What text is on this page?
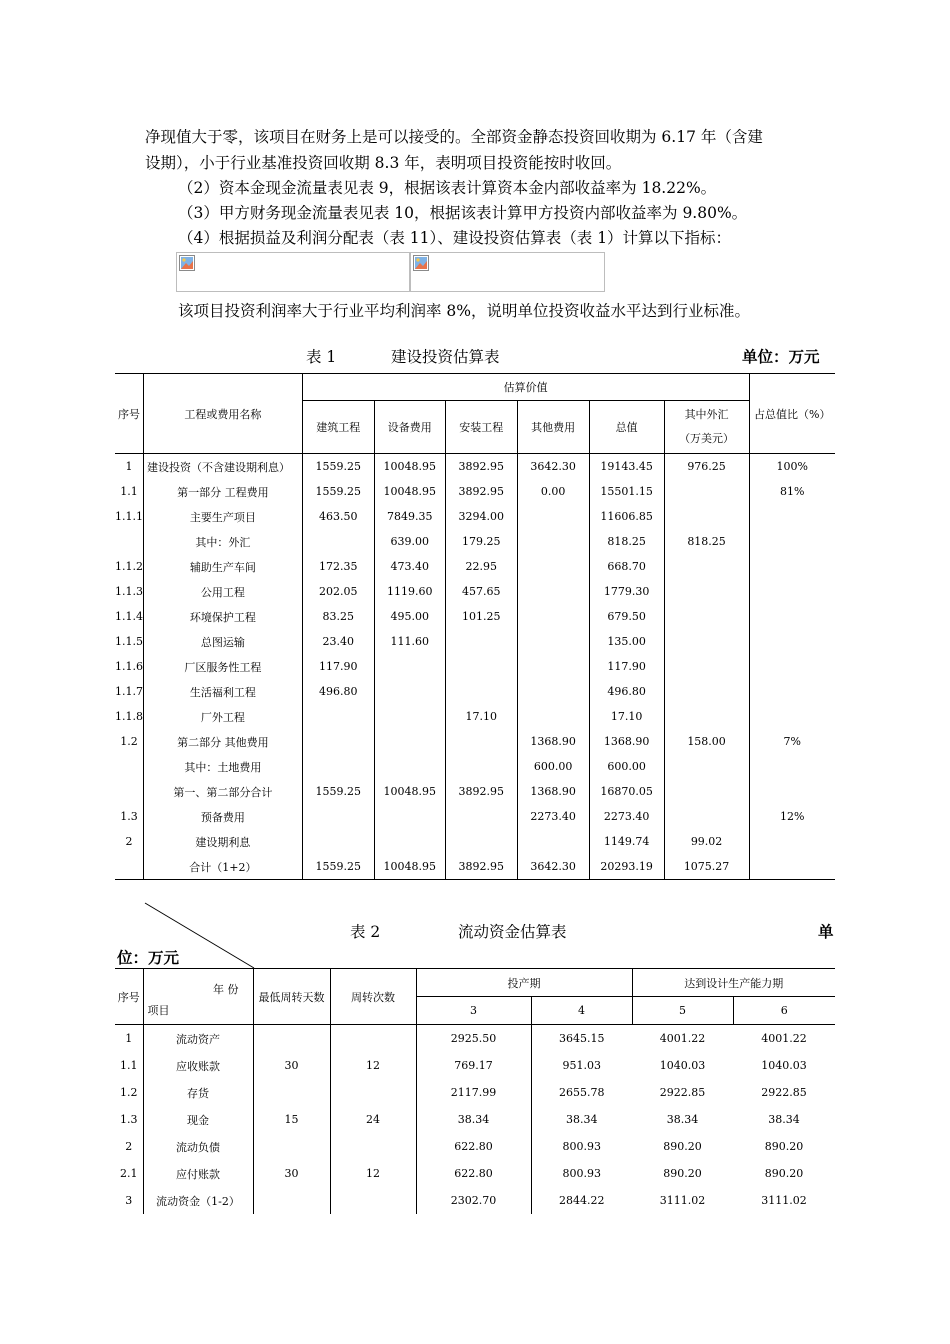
净现值大于零，该项目在财务上是可以接受的。全部资金静态投资回收期为 6.17 年（含建
设期），小于行业基准投资回收期 8.3 年，表明项目投资能按时收回。
（2）资本金现金流量表见表 9，根据该表计算资本金内部收益率为 18.22%。
（3）甲方财务现金流量表见表 10，根据该表计算甲方投资内部收益率为 9.80%。
（4）根据损益及利润分配表（表 11）、建设投资估算表（表 1）计算以下指标：
该项目投资利润率大于行业平均利润率 8%，说明单位投资收益水平达到行业标准。
表 1	建设投资估算表	单位：万元
序号	工程或费用名称	估算价值						占总值比（%）
		建筑工程	设备费用	安装工程	其他费用	总值	其中外汇
（万美元）	

1	建设投资（不含建设期利息）	1559.25	10048.95	3892.95	3642.30	19143.45	976.25	100%
1.1	第一部分 工程费用	1559.25	10048.95	3892.95	0.00	15501.15		81%
1.1.1	主要生产项目	463.50	7849.35	3294.00		11606.85		
	其中：外汇		639.00	179.25		818.25	818.25	
1.1.2	辅助生产车间	172.35	473.40	22.95		668.70		
1.1.3	公用工程	202.05	1119.60	457.65		1779.30		
1.1.4	环境保护工程	83.25	495.00	101.25		679.50		
1.1.5	总图运输	23.40	111.60			135.00		
1.1.6	厂区服务性工程	117.90				117.90		
1.1.7	生活福利工程	496.80				496.80		
1.1.8	厂外工程			17.10		17.10		
1.2	第二部分 其他费用				1368.90	1368.90	158.00	7%
	其中：土地费用				600.00	600.00		
	第一、第二部分合计	1559.25	10048.95	3892.95	1368.90	16870.05		
1.3	预备费用				2273.40	2273.40		12%
2	建设期利息					1149.74	99.02	
	合计（1+2）	1559.25	10048.95	3892.95	3642.30	20293.19	1075.27	
表 2	流动资金估算表	单
位：万元
序号	年 份
项目	最低周转天数	周转次数	投产期		达到设计生产能力期	
				3	4	5	6
1	流动资产			2925.50	3645.15	4001.22	4001.22
1.1	应收账款	30	12	769.17	951.03	1040.03	1040.03
1.2	存货			2117.99	2655.78	2922.85	2922.85
1.3	现金	15	24	38.34	38.34	38.34	38.34
2	流动负债			622.80	800.93	890.20	890.20
2.1	应付账款	30	12	622.80	800.93	890.20	890.20
3	流动资金（1-2）			2302.70	2844.22	3111.02	3111.02
